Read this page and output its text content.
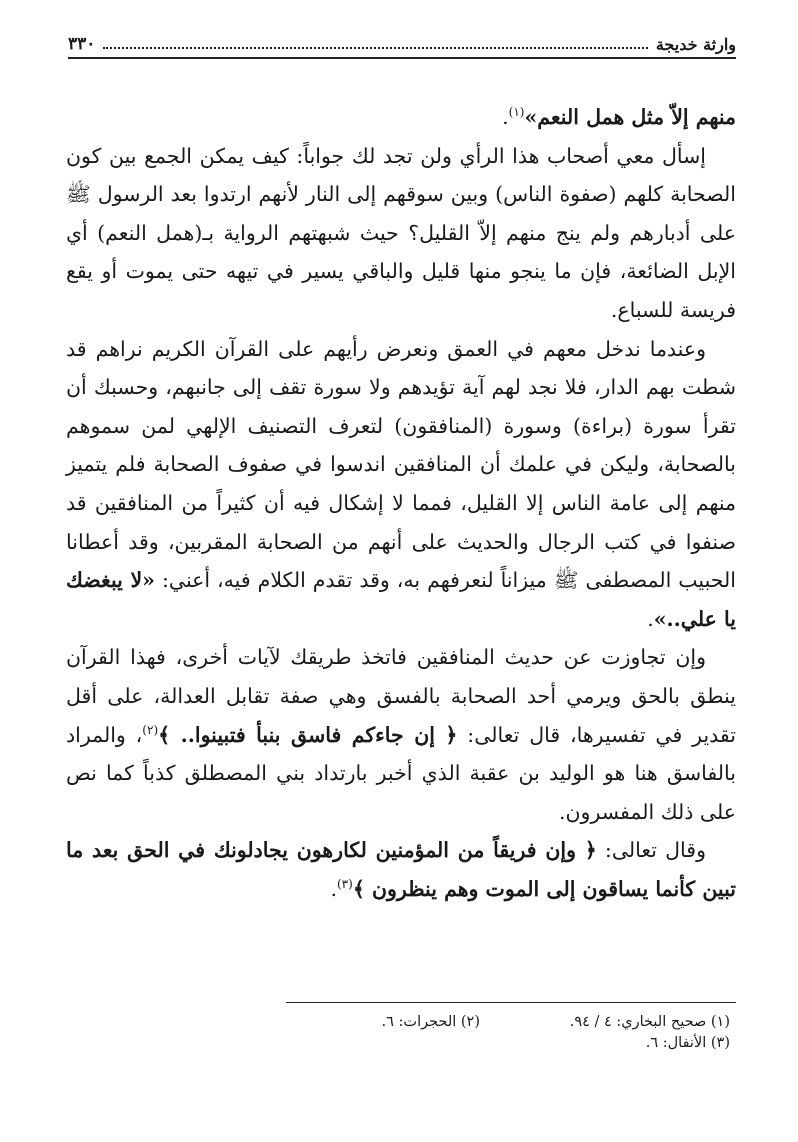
وارثة خديجة
٣٣٠

منهم إلاّ مثل همل النعم»$^{(١)}$.

إسأل معي أصحاب هذا الرأي ولن تجد لك جواباً: كيف يمكن الجمع بين كون الصحابة كلهم (صفوة الناس) وبين سوقهم إلى النار لأنهم ارتدوا بعد الرسول ﷺ على أدبارهم ولم ينج منهم إلاّ القليل؟ حيث شبهتهم الرواية بـ(همل النعم) أي الإبل الضائعة، فإن ما ينجو منها قليل والباقي يسير في تيهه حتى يموت أو يقع فريسة للسباع.

وعندما ندخل معهم في العمق ونعرض رأيهم على القرآن الكريم نراهم قد شطت بهم الدار، فلا نجد لهم آية تؤيدهم ولا سورة تقف إلى جانبهم، وحسبك أن تقرأ سورة (براءة) وسورة (المنافقون) لتعرف التصنيف الإلهي لمن سموهم بالصحابة، وليكن في علمك أن المنافقين اندسوا في صفوف الصحابة فلم يتميز منهم إلى عامة الناس إلا القليل، فمما لا إشكال فيه أن كثيراً من المنافقين قد صنفوا في كتب الرجال والحديث على أنهم من الصحابة المقربين، وقد أعطانا الحبيب المصطفى ﷺ ميزاناً لنعرفهم به، وقد تقدم الكلام فيه، أعني: «لا يبغضك يا علي..».

وإن تجاوزت عن حديث المنافقين فاتخذ طريقك لآيات أخرى، فهذا القرآن ينطق بالحق ويرمي أحد الصحابة بالفسق وهي صفة تقابل العدالة، على أقل تقدير في تفسيرها، قال تعالى: ﴿ إن جاءكم فاسق بنبأ فتبينوا.. ﴾$^{(٢)}$، والمراد بالفاسق هنا هو الوليد بن عقبة الذي أخبر بارتداد بني المصطلق كذباً كما نص على ذلك المفسرون.

وقال تعالى: ﴿ وإن فريقاً من المؤمنين لكارهون يجادلونك في الحق بعد ما تبين كأنما يساقون إلى الموت وهم ينظرون ﴾$^{(٣)}$.

(١) صحيح البخاري: ٤ / ٩٤.
(٢) الحجرات: ٦.
(٣) الأنفال: ٦.
